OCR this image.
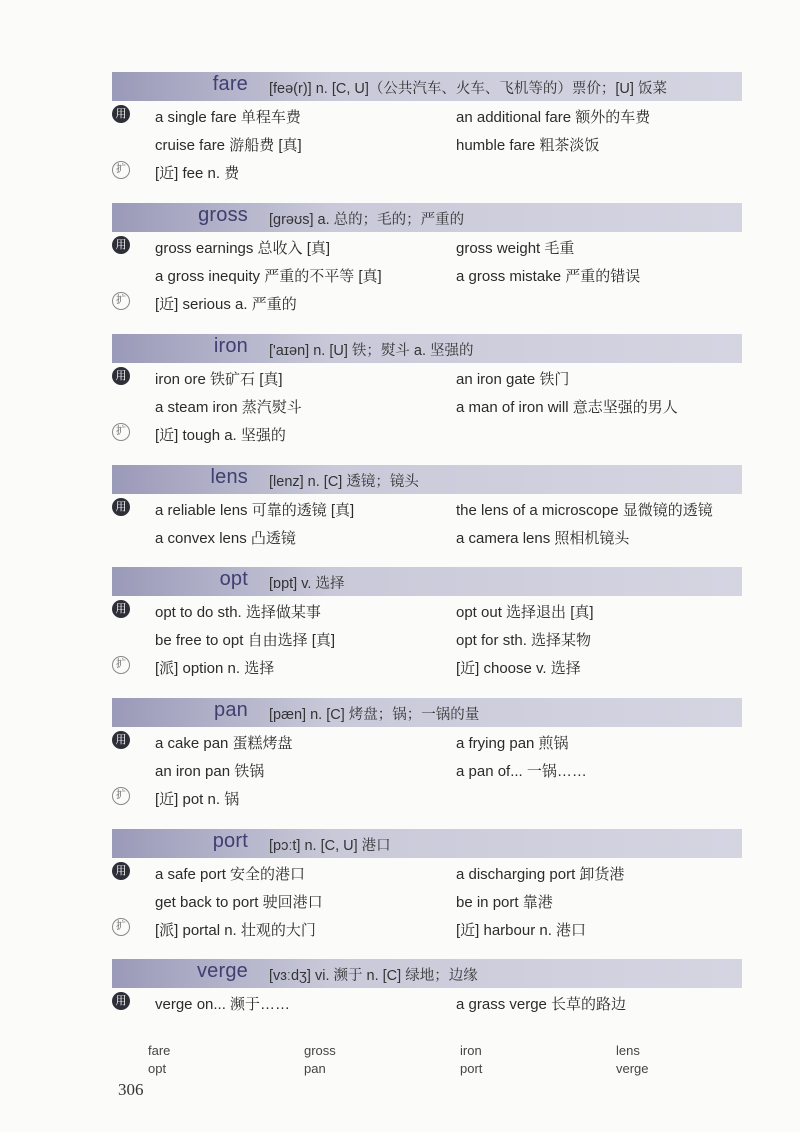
fare [feə(r)] n. [C, U]（公共汽车、火车、飞机等的）票价；[U] 饭菜
用 a single fare 单程车费	an additional fare 额外的车费
cruise fare 游船费 [真]	humble fare 粗茶淡饭
扩 [近] fee n. 费
gross [grəʊs] a. 总的；毛的；严重的
用 gross earnings 总收入 [真]	gross weight 毛重
a gross inequity 严重的不平等 [真]	a gross mistake 严重的错误
扩 [近] serious a. 严重的
iron ['aɪən] n. [U] 铁；熨斗 a. 坚强的
用 iron ore 铁矿石 [真]	an iron gate 铁门
a steam iron 蒸汽熨斗	a man of iron will 意志坚强的男人
扩 [近] tough a. 坚强的
lens [lenz] n. [C] 透镜；镜头
用 a reliable lens 可靠的透镜 [真]	the lens of a microscope 显微镜的透镜
a convex lens 凸透镜	a camera lens 照相机镜头
opt [ɒpt] v. 选择
用 opt to do sth. 选择做某事	opt out 选择退出 [真]
be free to opt 自由选择 [真]	opt for sth. 选择某物
扩 [派] option n. 选择	[近] choose v. 选择
pan [pæn] n. [C] 烤盘；锅；一锅的量
用 a cake pan 蛋糕烤盘	a frying pan 煎锅
an iron pan 铁锅	a pan of... 一锅……
扩 [近] pot n. 锅
port [pɔːt] n. [C, U] 港口
用 a safe port 安全的港口	a discharging port 卸货港
get back to port 驶回港口	be in port 靠港
扩 [派] portal n. 壮观的大门	[近] harbour n. 港口
verge [vɜːdʒ] vi. 濒于 n. [C] 绿地；边缘
用 verge on... 濒于……	a grass verge 长草的路边
fare	gross	iron	lens
opt	pan	port	verge
306
